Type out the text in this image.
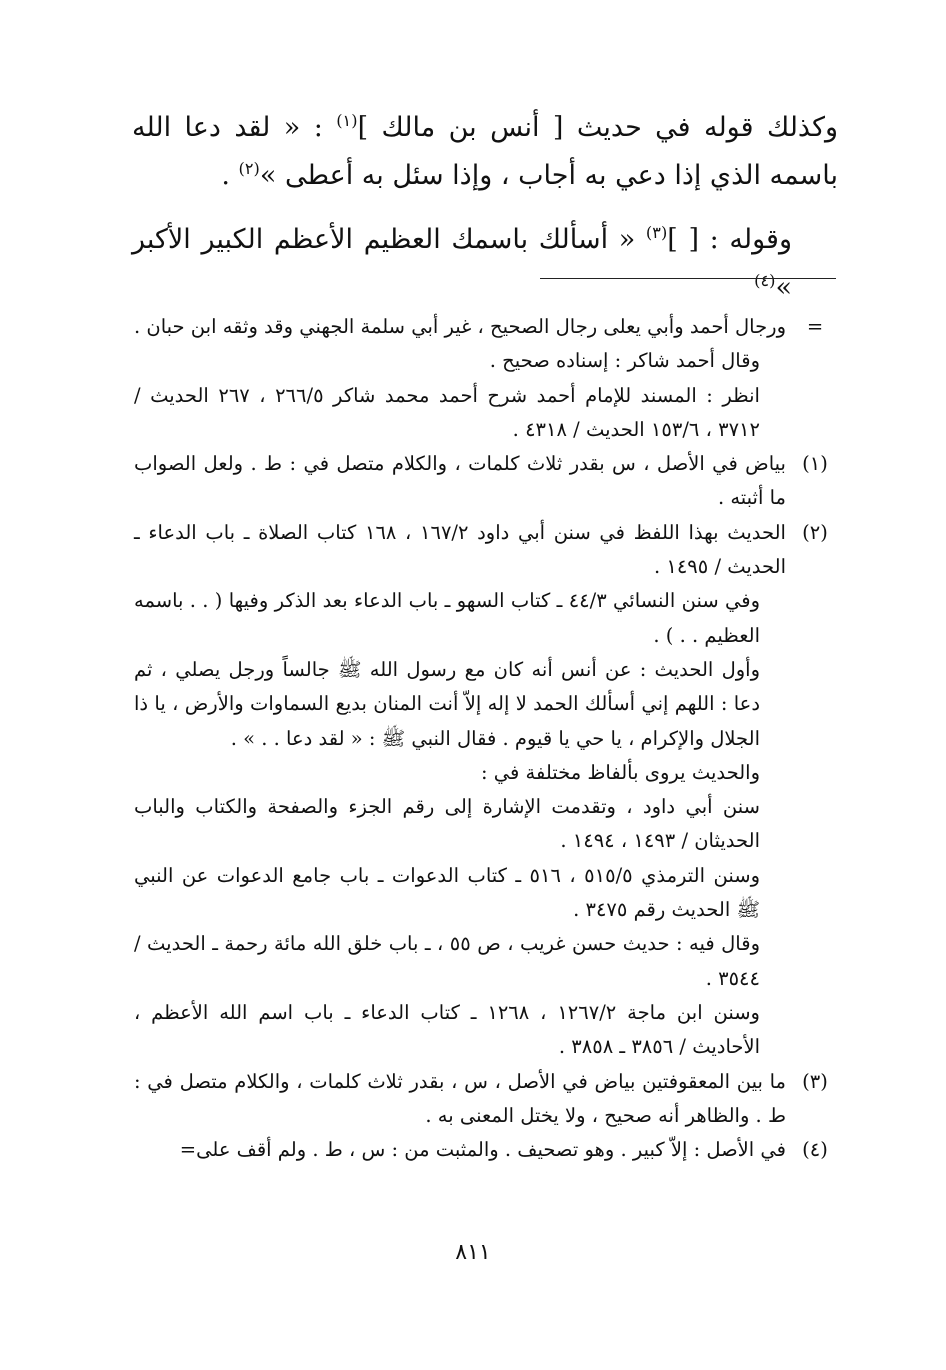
وكذلك قوله في حديث [ أنس بن مالك ]$^{(١)}$ : « لقد دعا الله باسمه الذي إذا دعي به أجاب ، وإذا سئل به أعطى »$^{(٢)}$ .

وقوله : [ ]$^{(٣)}$ « أسألك باسمك العظيم الأعظم الكبير الأكبر »$^{(٤)}$

=
ورجال أحمد وأبي يعلى رجال الصحيح ، غير أبي سلمة الجهني وقد وثقه ابن حبان .
وقال أحمد شاكر : إسناده صحيح .
انظر : المسند للإمام أحمد شرح أحمد محمد شاكر ٢٦٦/٥ ، ٢٦٧ الحديث / ٣٧١٢ ، ١٥٣/٦ الحديث / ٤٣١٨ .
(١)
بياض في الأصل ، س بقدر ثلاث كلمات ، والكلام متصل في : ط . ولعل الصواب ما أثبته .
(٢)
الحديث بهذا اللفظ في سنن أبي داود ١٦٧/٢ ، ١٦٨ كتاب الصلاة ـ باب الدعاء ـ الحديث / ١٤٩٥ .
وفي سنن النسائي ٤٤/٣ ـ كتاب السهو ـ باب الدعاء بعد الذكر وفيها ( . . باسمه العظيم . . ) .
وأول الحديث : عن أنس أنه كان مع رسول الله ﷺ جالساً ورجل يصلي ، ثم دعا : اللهم إني أسألك الحمد لا إله إلاّ أنت المنان بديع السماوات والأرض ، يا ذا الجلال والإكرام ، يا حي يا قيوم . فقال النبي ﷺ : « لقد دعا . . » .
والحديث يروى بألفاظ مختلفة في :
سنن أبي داود ، وتقدمت الإشارة إلى رقم الجزء والصفحة والكتاب والباب الحديثان / ١٤٩٣ ، ١٤٩٤ .
وسنن الترمذي ٥١٥/٥ ، ٥١٦ ـ كتاب الدعوات ـ باب جامع الدعوات عن النبي ﷺ الحديث رقم ٣٤٧٥ .
وقال فيه : حديث حسن غريب ، ص ٥٥ ، ـ باب خلق الله مائة رحمة ـ الحديث / ٣٥٤٤ .
وسنن ابن ماجة ١٢٦٧/٢ ، ١٢٦٨ ـ كتاب الدعاء ـ باب اسم الله الأعظم ، الأحاديث / ٣٨٥٦ ـ ٣٨٥٨ .
(٣)
ما بين المعقوفتين بياض في الأصل ، س ، بقدر ثلاث كلمات ، والكلام متصل في : ط . والظاهر أنه صحيح ، ولا يختل المعنى به .
(٤)
في الأصل : إلاّ كبير . وهو تصحيف . والمثبت من : س ، ط . ولم أقف على=
٨١١
